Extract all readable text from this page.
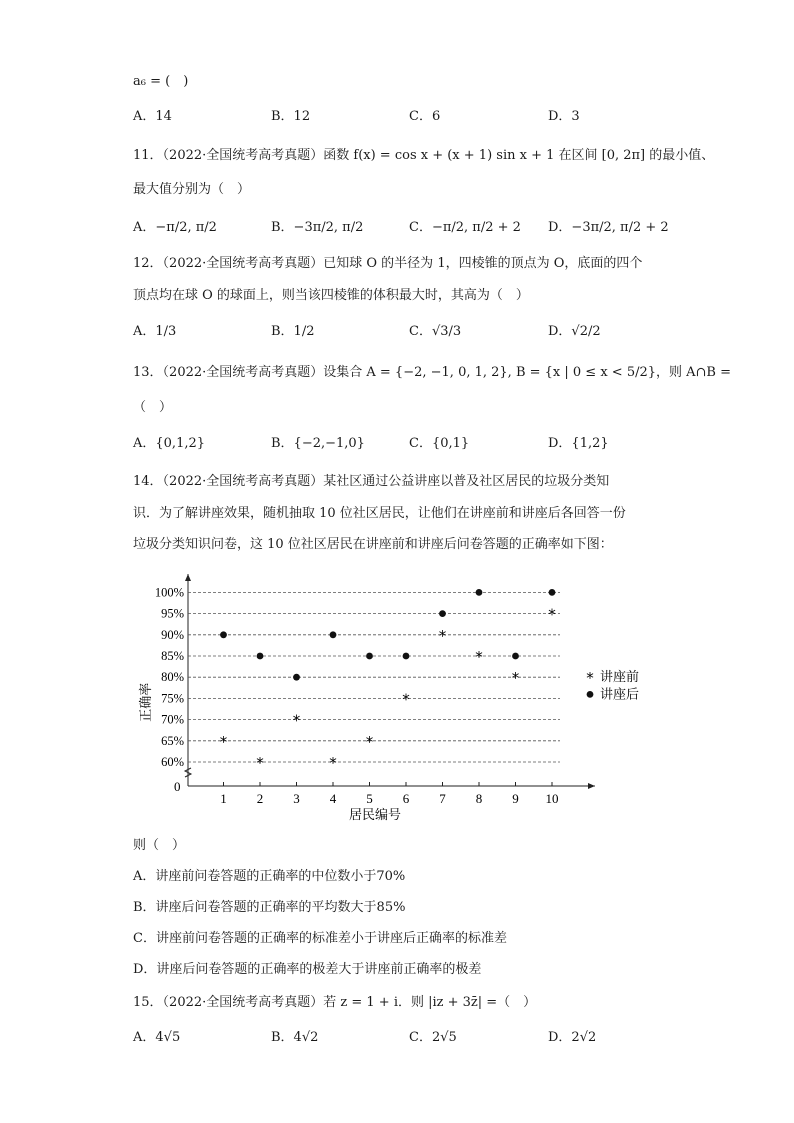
a₆ = (　)
A．14	B．12	C．6	D．3
11．（2022·全国统考高考真题）函数 f(x) = cos x + (x + 1) sin x + 1 在区间 [0, 2π] 的最小值、
最大值分别为（　）
A．−π/2, π/2	B．−3π/2, π/2	C．−π/2, π/2 + 2 D．−3π/2, π/2 + 2
12．（2022·全国统考高考真题）已知球 O 的半径为 1，四棱锥的顶点为 O，底面的四个
顶点均在球 O 的球面上，则当该四棱锥的体积最大时，其高为（　）
A．1/3	B．1/2	C．√3/3	D．√2/2
13．（2022·全国统考高考真题）设集合 A = {−2, −1, 0, 1, 2}, B = {x | 0 ≤ x < 5/2}，则 A∩B =
（　）
A．{0,1,2}	B．{−2,−1,0}	C．{0,1}	D．{1,2}
14．（2022·全国统考高考真题）某社区通过公益讲座以普及社区居民的垃圾分类知
识．为了解讲座效果，随机抽取 10 位社区居民，让他们在讲座前和讲座后各回答一份
垃圾分类知识问卷，这 10 位社区居民在讲座前和讲座后问卷答题的正确率如下图：
0
60%
65%
70%
75%
80%
85%
90%
95%
100%
1 2 3 4 5 6 7 8 9 10
居民编号
正确率
*
*
*
*
*
*
*
*
*
*
* 讲座前
讲座后
则（　）
A．讲座前问卷答题的正确率的中位数小于70%
B．讲座后问卷答题的正确率的平均数大于85%
C．讲座前问卷答题的正确率的标准差小于讲座后正确率的标准差
D．讲座后问卷答题的正确率的极差大于讲座前正确率的极差
15．（2022·全国统考高考真题）若 z = 1 + i．则 |iz + 3z̄| =（　）
A．4√5	B．4√2	C．2√5	D．2√2
